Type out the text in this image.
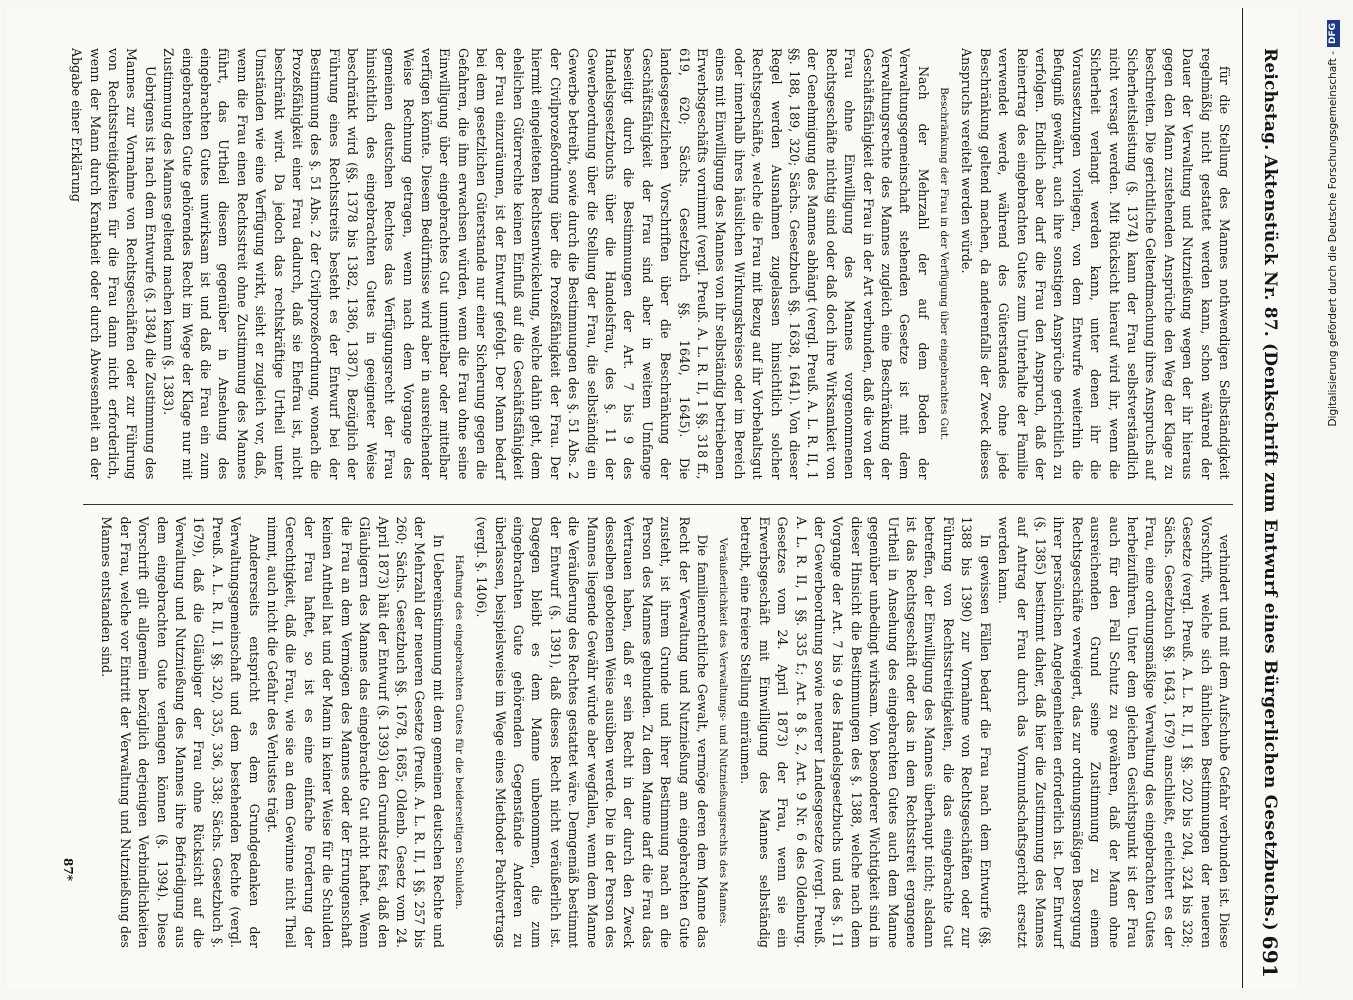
Reichstag.
Aktenstück Nr. 87. (Denkschrift zum Entwurf eines Bürgerlichen Gesetzbuchs.)
691

für die Stellung des Mannes nothwendigen Selbständigkeit regelmäßig nicht gestattet werden kann, schon während der Dauer der Verwaltung und Nutznießung wegen der ihr hieraus gegen den Mann zustehenden Ansprüche den Weg der Klage zu beschreiten. Die gerichtliche Geltendmachung ihres Anspruchs auf Sicherheitsleistung (§. 1374) kann der Frau selbstverständlich nicht versagt werden. Mit Rücksicht hierauf wird ihr, wenn die Sicherheit verlangt werden kann, unter denen ihr die Voraussetzungen vorliegen, von dem Entwurfe weiterhin die Befugniß gewährt, auch ihre sonstigen Ansprüche gerichtlich zu verfolgen. Endlich aber darf die Frau den Anspruch, daß der Reinertrag des eingebrachten Gutes zum Unterhalte der Familie verwendet werde, während des Güterstandes ohne jede Beschränkung geltend machen, da anderenfalls der Zweck dieses Anspruchs vereitelt werden würde.

Beschränkung der Frau in der Verfügung über eingebrachtes Gut.

Nach der Mehrzahl der auf dem Boden der Verwaltungsgemeinschaft stehenden Gesetze ist mit dem Verwaltungsrechte des Mannes zugleich eine Beschränkung der Geschäftsfähigkeit der Frau in der Art verbunden, daß die von der Frau ohne Einwilligung des Mannes vorgenommenen Rechtsgeschäfte nichtig sind oder daß doch ihre Wirksamkeit von der Genehmigung des Mannes abhängt (vergl. Preuß. A. L. R. II, 1 §§. 188, 189, 320; Sächs. Gesetzbuch §§. 1638, 1641). Von dieser Regel werden Ausnahmen zugelassen hinsichtlich solcher Rechtsgeschäfte, welche die Frau mit Bezug auf ihr Vorbehaltsgut oder innerhalb ihres häuslichen Wirkungskreises oder im Bereich eines mit Einwilligung des Mannes von ihr selbständig betriebenen Erwerbsgeschäfts vornimmt (vergl. Preuß. A. L. R. II, 1 §§. 318 ff., 619, 620; Sächs. Gesetzbuch §§. 1640, 1645). Die landesgesetzlichen Vorschriften über die Beschränkung der Geschäftsfähigkeit der Frau sind aber in weitem Umfange beseitigt durch die Bestimmungen der Art. 7 bis 9 des Handelsgesetzbuchs über die Handelsfrau, des §. 11 der Gewerbeordnung über die Stellung der Frau, die selbständig ein Gewerbe betreibt, sowie durch die Bestimmungen des §. 51 Abs. 2 der Civilprozeßordnung über die Prozeßfähigkeit der Frau. Der hiermit eingeleiteten Rechtsentwickelung, welche dahin geht, dem ehelichen Güterrechte keinen Einfluß auf die Geschäftsfähigkeit der Frau einzuräumen, ist der Entwurf gefolgt. Der Mann bedarf bei dem gesetzlichen Güterstande nur einer Sicherung gegen die Gefahren, die ihm erwachsen würden, wenn die Frau ohne seine Einwilligung über eingebrachtes Gut unmittelbar oder mittelbar verfügen könnte. Diesem Bedürfnisse wird aber in ausreichender Weise Rechnung getragen, wenn nach dem Vorgange des gemeinen deutschen Rechtes das Verfügungsrecht der Frau hinsichtlich des eingebrachten Gutes in geeigneter Weise beschränkt wird (§§. 1378 bis 1382, 1386, 1387). Bezüglich der Führung eines Rechtsstreits besteht es der Entwurf bei der Bestimmung des §. 51 Abs. 2 der Civilprozeßordnung, wonach die Prozeßfähigkeit einer Frau dadurch, daß sie Ehefrau ist, nicht beschränkt wird. Da jedoch das rechtskräftige Urtheil unter Umständen wie eine Verfügung wirkt, sieht er zugleich vor, daß, wenn die Frau einen Rechtsstreit ohne Zustimmung des Mannes führt, das Urtheil diesem gegenüber in Ansehung des eingebrachten Gutes unwirksam ist und daß die Frau ein zum eingebrachten Gute gehörendes Recht im Wege der Klage nur mit Zustimmung des Mannes geltend machen kann (§. 1383).

Uebrigens ist nach dem Entwurfe (§. 1384) die Zustimmung des Mannes zur Vornahme von Rechtsgeschäften oder zur Führung von Rechtsstreitigkeiten für die Frau dann nicht erforderlich, wenn der Mann durch Krankheit oder durch Abwesenheit an der Abgabe einer Erklärung

verhindert und mit dem Aufschube Gefahr verbunden ist. Diese Vorschrift, welche sich ähnlichen Bestimmungen der neueren Gesetze (vergl. Preuß. A. L. R. II, 1 §§. 202 bis 204, 324 bis 328; Sächs. Gesetzbuch §§. 1643, 1679) anschließt, erleichtert es der Frau, eine ordnungsmäßige Verwaltung des eingebrachten Gutes herbeizuführen. Unter dem gleichen Gesichtspunkt ist der Frau auch für den Fall Schutz zu gewähren, daß der Mann ohne ausreichenden Grund seine Zustimmung zu einem Rechtsgeschäfte verweigert, das zur ordnungsmäßigen Besorgung ihrer persönlichen Angelegenheiten erforderlich ist. Der Entwurf (§. 1385) bestimmt daher, daß hier die Zustimmung des Mannes auf Antrag der Frau durch das Vormundschaftsgericht ersetzt werden kann.

In gewissen Fällen bedarf die Frau nach dem Entwurfe (§§. 1388 bis 1390) zur Vornahme von Rechtsgeschäften oder zur Führung von Rechtsstreitigkeiten, die das eingebrachte Gut betreffen, der Einwilligung des Mannes überhaupt nicht; alsdann ist das Rechtsgeschäft oder das in dem Rechtsstreit ergangene Urtheil in Ansehung des eingebrachten Gutes auch dem Manne gegenüber unbedingt wirksam. Von besonderer Wichtigkeit sind in dieser Hinsicht die Bestimmungen des §. 1388, welche nach dem Vorgange der Art. 7 bis 9 des Handelsgesetzbuchs und des §. 11 der Gewerbeordnung sowie neuerer Landesgesetze (vergl. Preuß. A. L. R. II, 1 §§. 335 f.; Art. 8 §. 2, Art. 9 Nr. 6 des Oldenburg. Gesetzes vom 24. April 1873) der Frau, wenn sie ein Erwerbsgeschäft mit Einwilligung des Mannes selbständig betreibt, eine freiere Stellung einräumen.

Veräußerlichkeit des Verwaltungs- und Nutznießungsrechts des Mannes.

Die familienrechtliche Gewalt, vermöge deren dem Manne das Recht der Verwaltung und Nutznießung am eingebrachten Gute zusteht, ist ihrem Grunde und ihrer Bestimmung nach an die Person des Mannes gebunden. Zu dem Manne darf die Frau das Vertrauen haben, daß er sein Recht in der durch den Zweck desselben gebotenen Weise ausüben werde. Die in der Person des Mannes liegende Gewähr würde aber wegfallen, wenn dem Manne die Veräußerung des Rechtes gestattet wäre. Demgemäß bestimmt der Entwurf (§. 1391), daß dieses Recht nicht veräußerlich ist. Dagegen bleibt es dem Manne unbenommen, die zum eingebrachten Gute gehörenden Gegenstände Anderen zu überlassen, beispielsweise im Wege eines Miethoder Pachtvertrags (vergl. §. 1406).

Haftung des eingebrachten Gutes für die beiderseitigen Schulden.

In Uebereinstimmung mit dem gemeinen deutschen Rechte und der Mehrzahl der neueren Gesetze (Preuß. A. L. R. II, 1 §§. 257 bis 260; Sächs. Gesetzbuch §§. 1678, 1685; Oldenb. Gesetz vom 24. April 1873) hält der Entwurf (§. 1393) den Grundsatz fest, daß den Gläubigern des Mannes das eingebrachte Gut nicht haftet. Wenn die Frau an dem Vermögen des Mannes oder der Errungenschaft keinen Antheil hat und der Mann in keiner Weise für die Schulden der Frau haftet, so ist es eine einfache Forderung der Gerechtigkeit, daß die Frau, wie sie an dem Gewinne nicht Theil nimmt, auch nicht die Gefahr des Verlustes trägt.

Andererseits entspricht es dem Grundgedanken der Verwaltungsgemeinschaft und dem bestehenden Rechte (vergl. Preuß. A. L. R. II, 1 §§. 320, 335, 336, 338; Sächs. Gesetzbuch §. 1679), daß die Gläubiger der Frau ohne Rücksicht auf die Verwaltung und Nutznießung des Mannes ihre Befriedigung aus dem eingebrachten Gute verlangen können (§. 1394). Diese Vorschrift gilt allgemein bezüglich derjenigen Verbindlichkeiten der Frau, welche vor Eintritt der Verwaltung und Nutznießung des Mannes entstanden sind.

87*
Digitalisierung gefördert durch die Deutsche Forschungsgemeinschaft -
DFG
